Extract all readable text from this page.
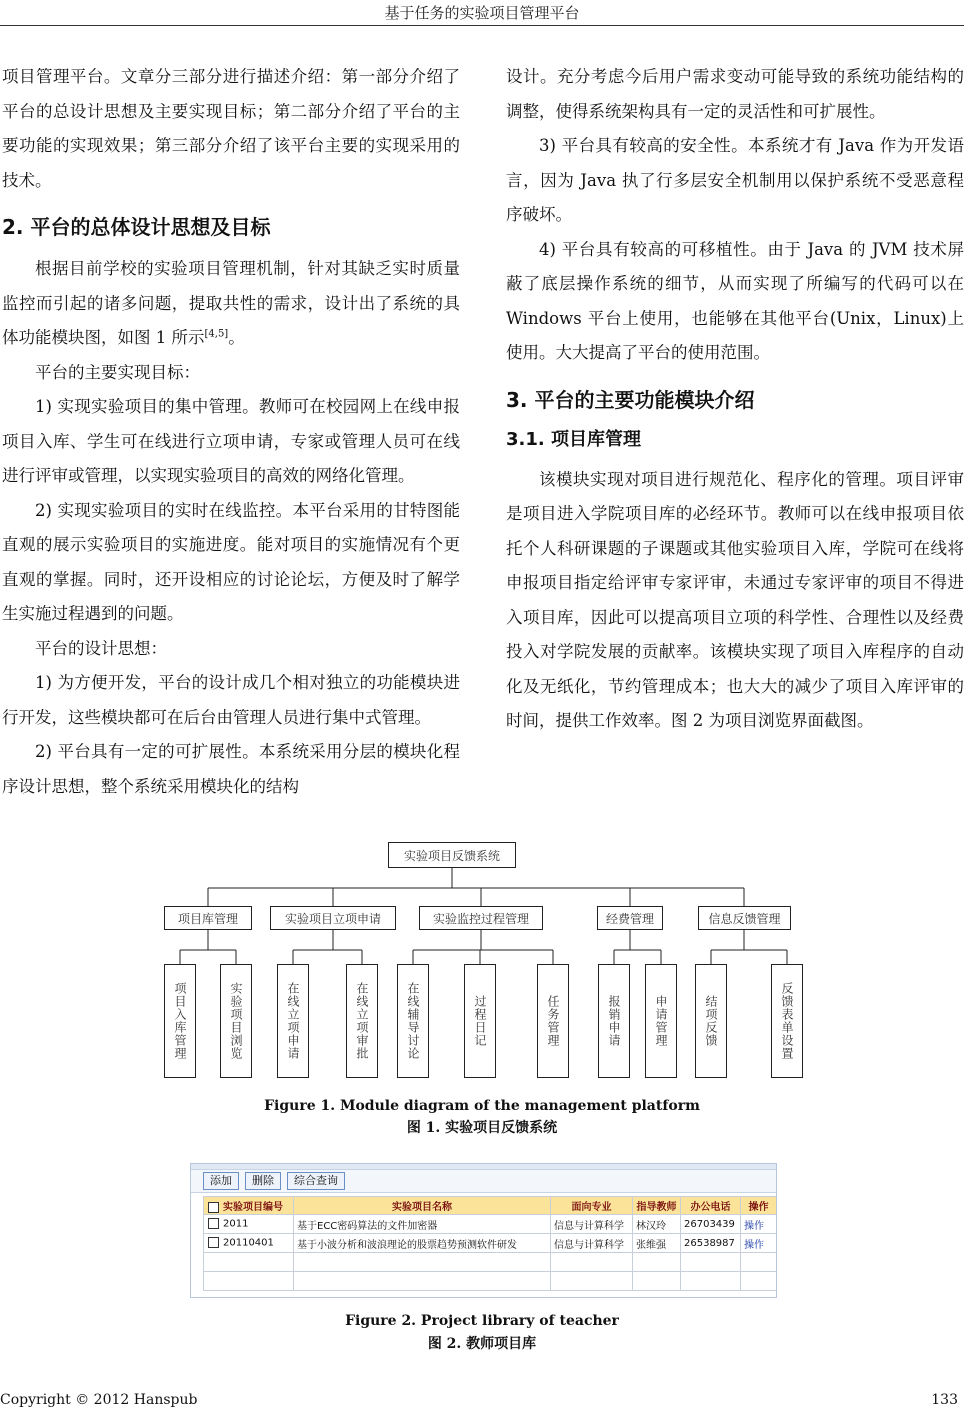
基于任务的实验项目管理平台

项目管理平台。文章分三部分进行描述介绍：第一部分介绍了平台的总设计思想及主要实现目标；第二部分介绍了平台的主要功能的实现效果；第三部分介绍了该平台主要的实现采用的技术。

2. 平台的总体设计思想及目标

根据目前学校的实验项目管理机制，针对其缺乏实时质量监控而引起的诸多问题，提取共性的需求，设计出了系统的具体功能模块图，如图 1 所示[4,5]。

平台的主要实现目标：

1) 实现实验项目的集中管理。教师可在校园网上在线申报项目入库、学生可在线进行立项申请，专家或管理人员可在线进行评审或管理，以实现实验项目的高效的网络化管理。

2) 实现实验项目的实时在线监控。本平台采用的甘特图能直观的展示实验项目的实施进度。能对项目的实施情况有个更直观的掌握。同时，还开设相应的讨论论坛，方便及时了解学生实施过程遇到的问题。

平台的设计思想：

1) 为方便开发，平台的设计成几个相对独立的功能模块进行开发，这些模块都可在后台由管理人员进行集中式管理。

2) 平台具有一定的可扩展性。本系统采用分层的模块化程序设计思想，整个系统采用模块化的结构

设计。充分考虑今后用户需求变动可能导致的系统功能结构的调整，使得系统架构具有一定的灵活性和可扩展性。

3) 平台具有较高的安全性。本系统才有 Java 作为开发语言，因为 Java 执了行多层安全机制用以保护系统不受恶意程序破坏。

4) 平台具有较高的可移植性。由于 Java 的 JVM 技术屏蔽了底层操作系统的细节，从而实现了所编写的代码可以在 Windows 平台上使用，也能够在其他平台(Unix，Linux)上使用。大大提高了平台的使用范围。

3. 平台的主要功能模块介绍
3.1. 项目库管理

该模块实现对项目进行规范化、程序化的管理。项目评审是项目进入学院项目库的必经环节。教师可以在线申报项目依托个人科研课题的子课题或其他实验项目入库，学院可在线将申报项目指定给评审专家评审，未通过专家评审的项目不得进入项目库，因此可以提高项目立项的科学性、合理性以及经费投入对学院发展的贡献率。该模块实现了项目入库程序的自动化及无纸化，节约管理成本；也大大的减少了项目入库评审的时间，提供工作效率。图 2 为项目浏览界面截图。

实验项目反馈系统
项目库管理	实验项目立项申请	实验监控过程管理	经费管理	信息反馈管理
项目入库管理	实验项目浏览	在线立项申请	在线立项审批	在线辅导讨论	过程日记	任务管理	报销申请	申请管理	结项反馈	反馈表单设置
Figure 1. Module diagram of the management platform
图 1. 实验项目反馈系统
添加	删除	综合查询
实验项目编号	实验项目名称	面向专业	指导教师	办公电话	操作
2011	基于ECC密码算法的文件加密器	信息与计算科学	林汉玲	26703439	操作
20110401	基于小波分析和波浪理论的股票趋势预测软件研发	信息与计算科学	张维强	26538987	操作

Figure 2. Project library of teacher
图 2. 教师项目库
Copyright © 2012 Hanspub	133
